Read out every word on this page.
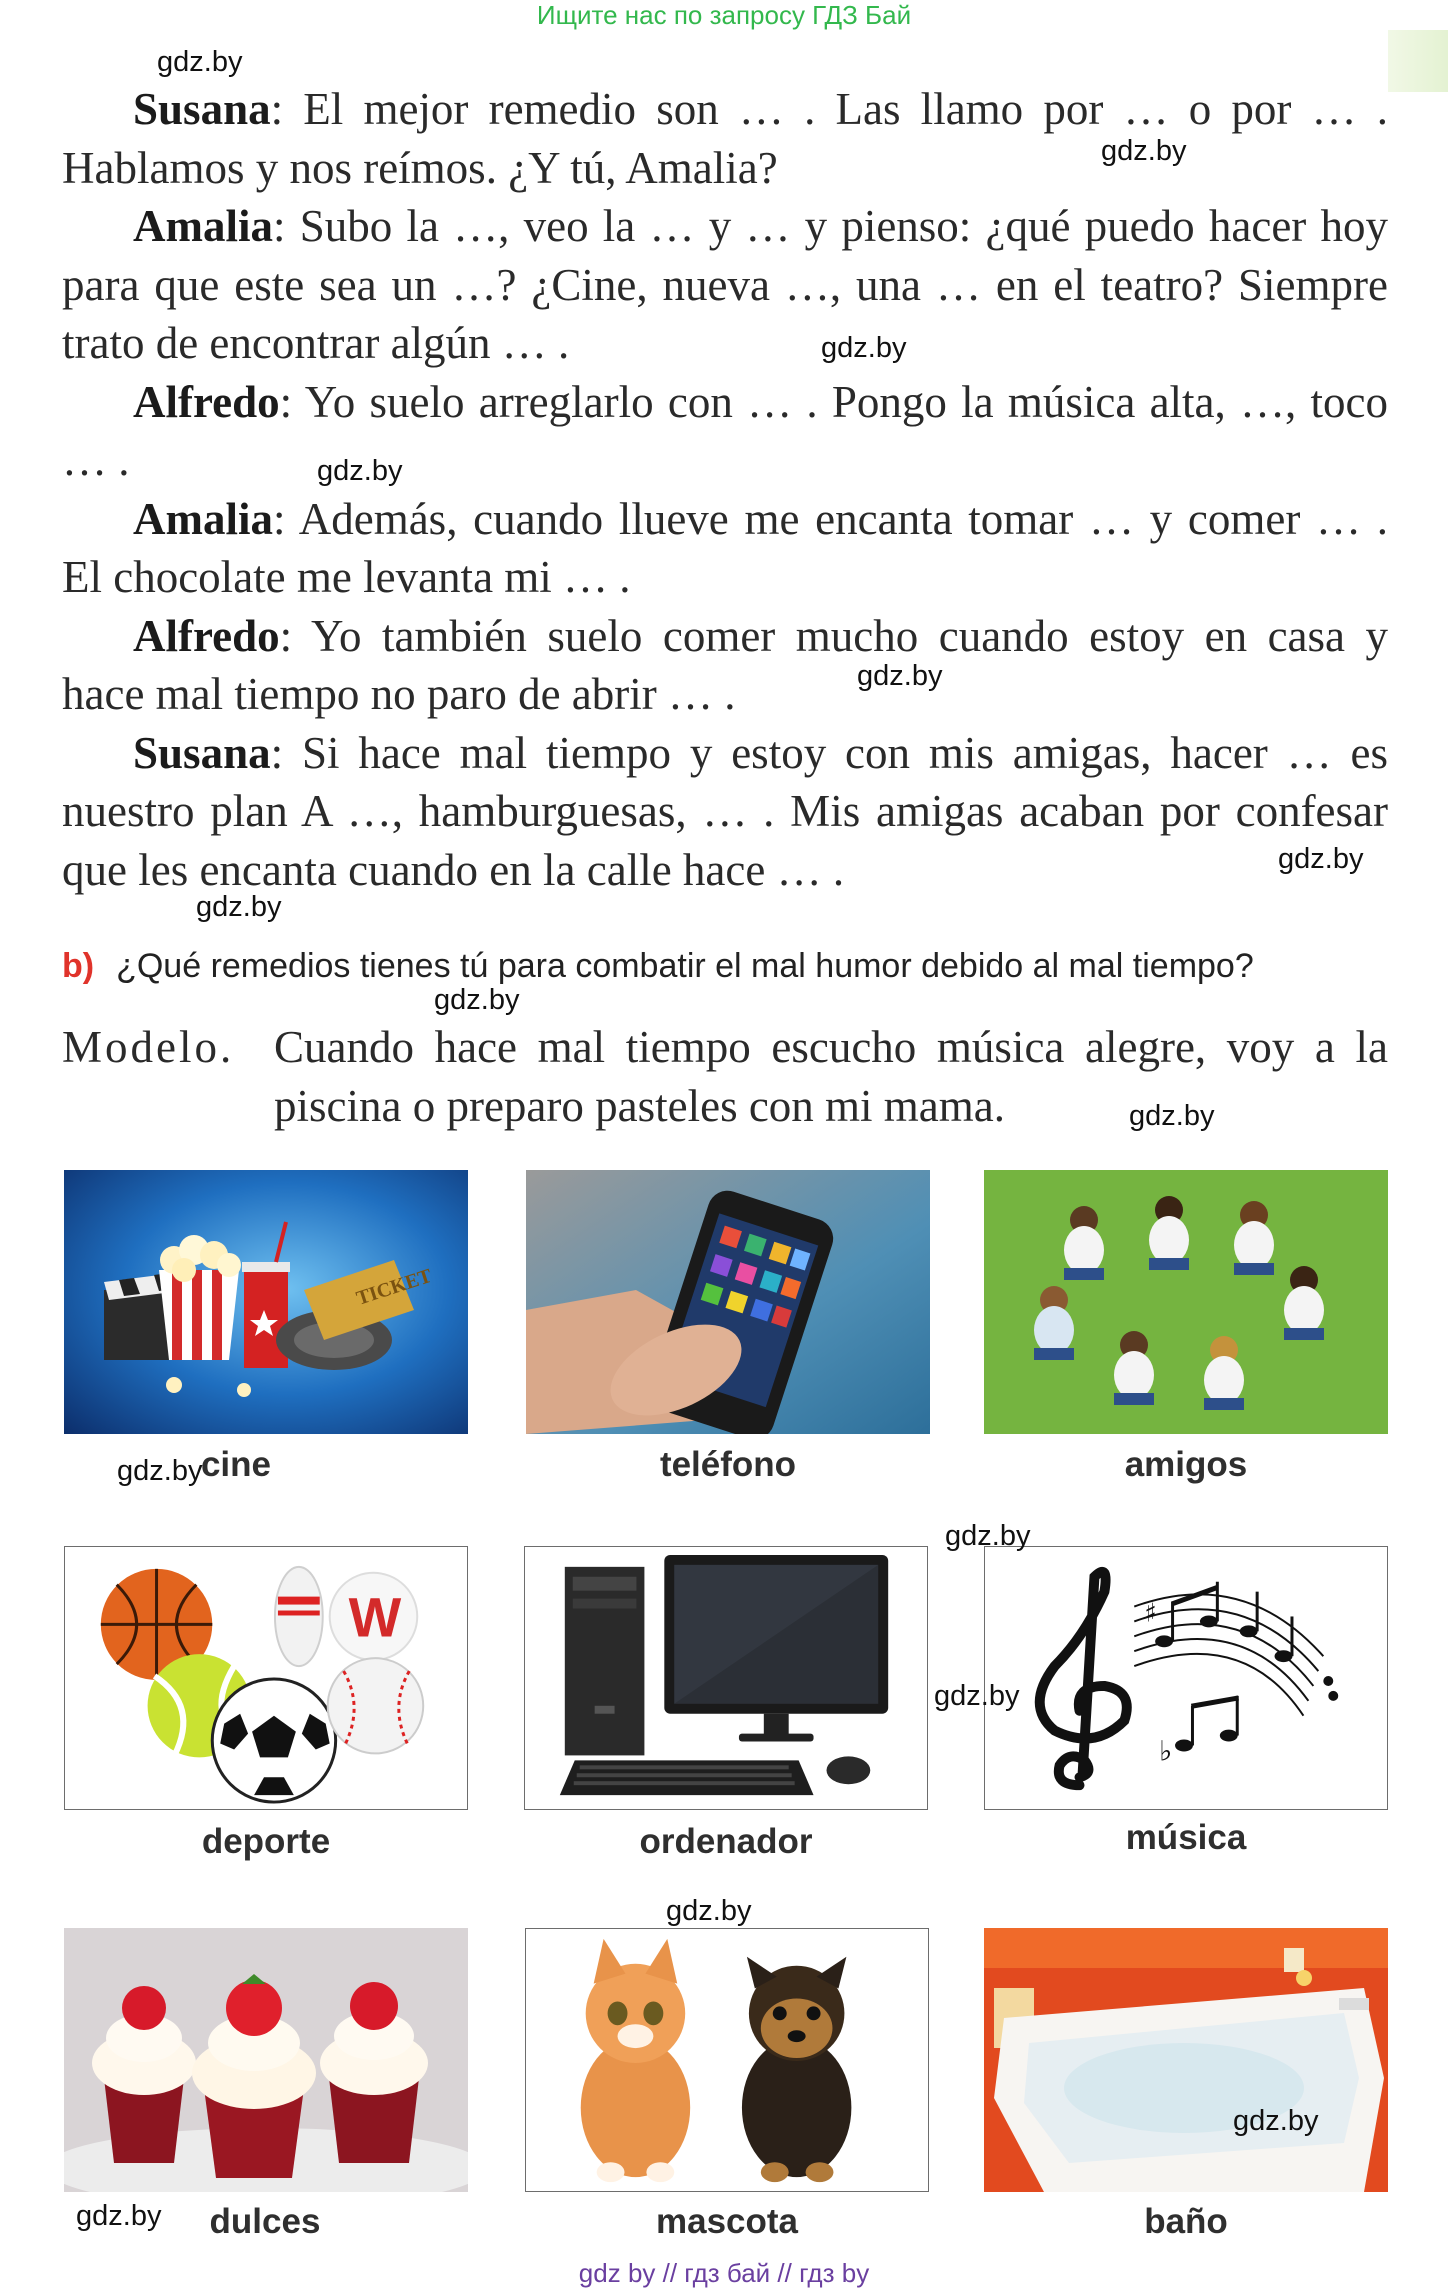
Ищите нас по запросу ГДЗ Бай

Susana: El mejor remedio son … . Las llamo por … o por … . Hablamos y nos reímos. ¿Y tú, Amalia?

Amalia: Subo la …, veo la … y … y pienso: ¿qué puedo hacer hoy para que este sea un …? ¿Cine, nueva …, una … en el teatro? Siempre trato de encontrar algún … .

Alfredo: Yo suelo arreglarlo con … . Pongo la música alta, …, toco … .

Amalia: Además, cuando llueve me encanta tomar … y comer … . El chocolate me levanta mi … .

Alfredo: Yo también suelo comer mucho cuando estoy en casa y hace mal tiempo no paro de abrir … .

Susana: Si hace mal tiempo y estoy con mis amigas, hacer … es nuestro plan A …, hamburguesas, … . Mis amigas acaban por confesar que les encanta cuando en la calle hace … .

b) ¿Qué remedios tienes tú para combatir el mal humor debido al mal tiempo?
Modelo. Cuando hace mal tiempo escucho música alegre, voy a la piscina o preparo pasteles con mi mama.
TICKET
cine	teléfono	amigos
W
deporte	ordenador
♯
♭
música
dulces	mascota	baño
gdz.by
gdz.by
gdz.by
gdz.by
gdz.by
gdz.by
gdz.by
gdz.by
gdz.by
gdz.by
gdz.by
gdz.by
gdz.by
gdz.by
gdz.by
gdz by // гдз бай // гдз by
